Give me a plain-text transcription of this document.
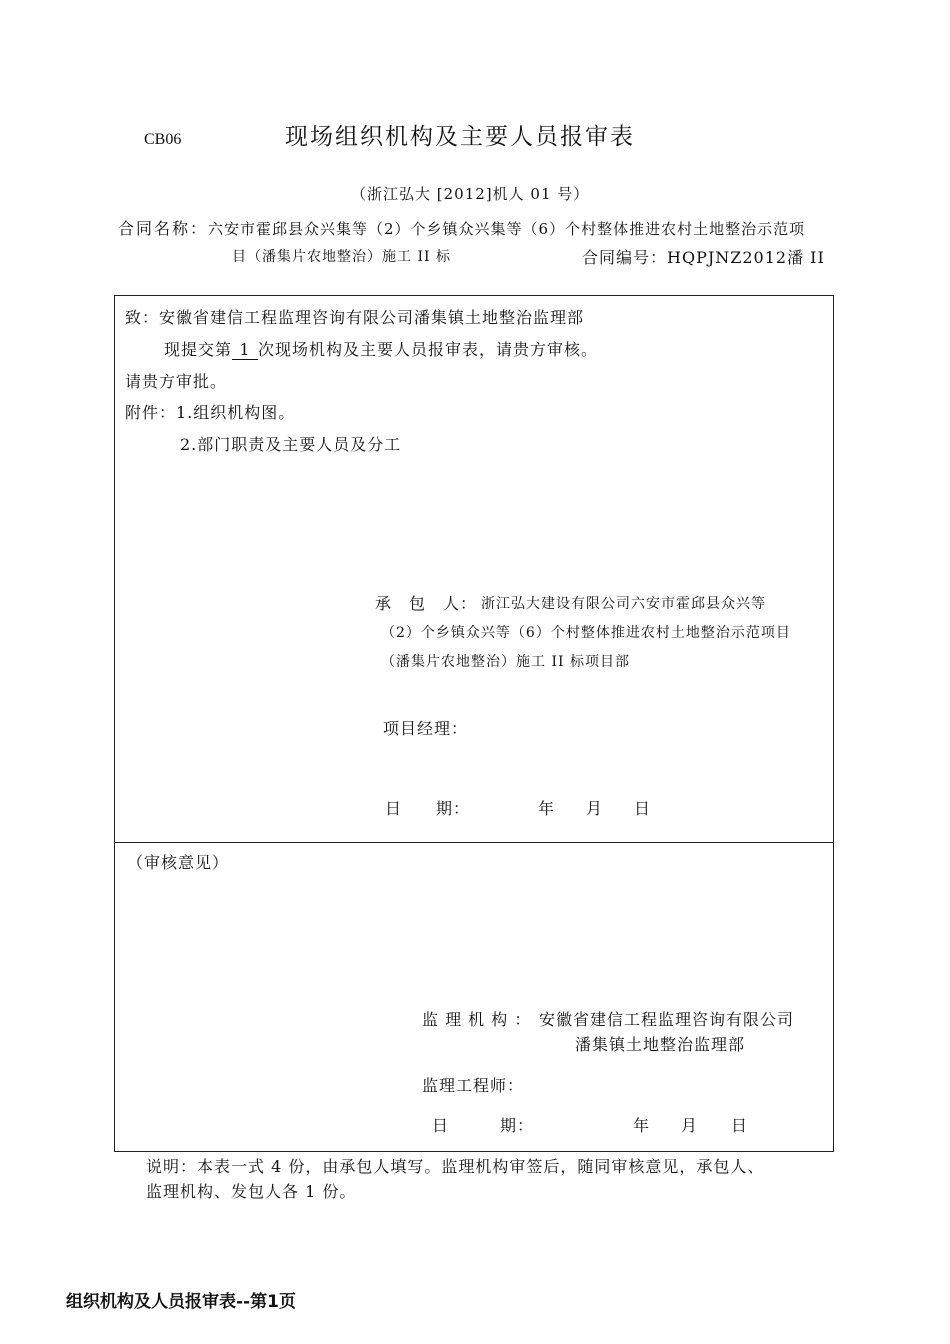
CB06	现场组织机构及主要人员报审表
（浙江弘大 [2012]机人 01 号）
合同名称：六安市霍邱县众兴集等（2）个乡镇众兴集等（6）个村整体推进农村土地整治示范项
目（潘集片农地整治）施工 II 标	合同编号：HQPJNZ2012潘 II
致：安徽省建信工程监理咨询有限公司潘集镇土地整治监理部
现提交第 1 次现场机构及主要人员报审表，请贵方审核。
请贵方审批。
附件：1.组织机构图。
2.部门职责及主要人员及分工
承　包　人： 浙江弘大建设有限公司六安市霍邱县众兴等
（2）个乡镇众兴等（6）个村整体推进农村土地整治示范项目
（潘集片农地整治）施工 II 标项目部
项目经理：
日　　期：	年 月 日
（审核意见）
监 理 机 构 ： 安徽省建信工程监理咨询有限公司
潘集镇土地整治监理部
监理工程师：
日　　　期：	年 月 日
说明：本表一式 4 份，由承包人填写。监理机构审签后，随同审核意见，承包人、
监理机构、发包人各 1 份。
组织机构及人员报审表--第1页
